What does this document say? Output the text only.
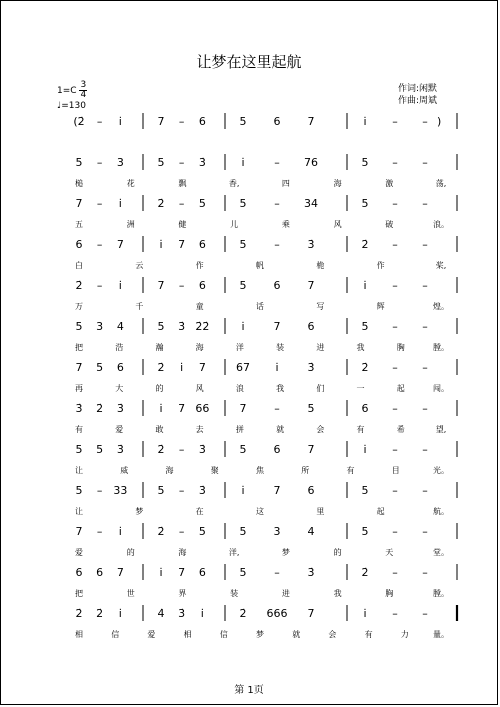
让梦在这里起航
$1=C \frac{3}{4}$
♩=130
作词:闲默
作曲:周斌
(2̇ – i̇	7 – 6	5 6 7	i̇ – –
5 – 3	5 – 3̇	i̇	– 76	5 – –
槌	花	飘	香,	四	海	激	荡,
7 – i̇	2̇ – 5	5	– 34	5 – –
五	洲	健	儿	乘	风	破	浪。
6 – 7	i̇ 7 6	5	–	3̇	2̇ – –
白	云	作	帆	桅	作	桨,
2̇ – i̇	7 – 6	5 6 7	i̇ – –
万	千	童	话	写	辉	煌。
5 3 4	5 3̇ 2̇2̇	i̇	7 6	5 – –
把	浩	瀚	海	洋	装	进	我	胸	膛。
7 5 6	2̇ i̇ 7	67 i̇	3̇	2̇ – –
再	大	的	风	浪	我	们	一	起	闯。
3̇ 2̇ 3̇	i̇ 7 66	7	–	5	6 – –
有	爱	敢	去	拼	就	会	有	希	望,
5 5 3̇	2̇ – 3̇	5 6 7	i̇ – –
让	威	海	聚	焦	所	有	目	光。
5 – 33	5 – 3̇	i̇	7 6	5 – –
让	梦	在	这	里	起	航。
7 – i̇	2̇ – 5	5 3 4	5 – –
爱	的	海	洋,	梦	的	天	堂。
6 6 7	i̇ 7 6	5	–	3̇	2̇ – –
把	世	界	装	进	我	胸	膛。
2̇ 2̇ i̇	4̇ 3̇ i̇	2̇ 666 7	i̇ – –
相	信	爱	相	信	梦	就	会	有	力	量。
)
第 1页
